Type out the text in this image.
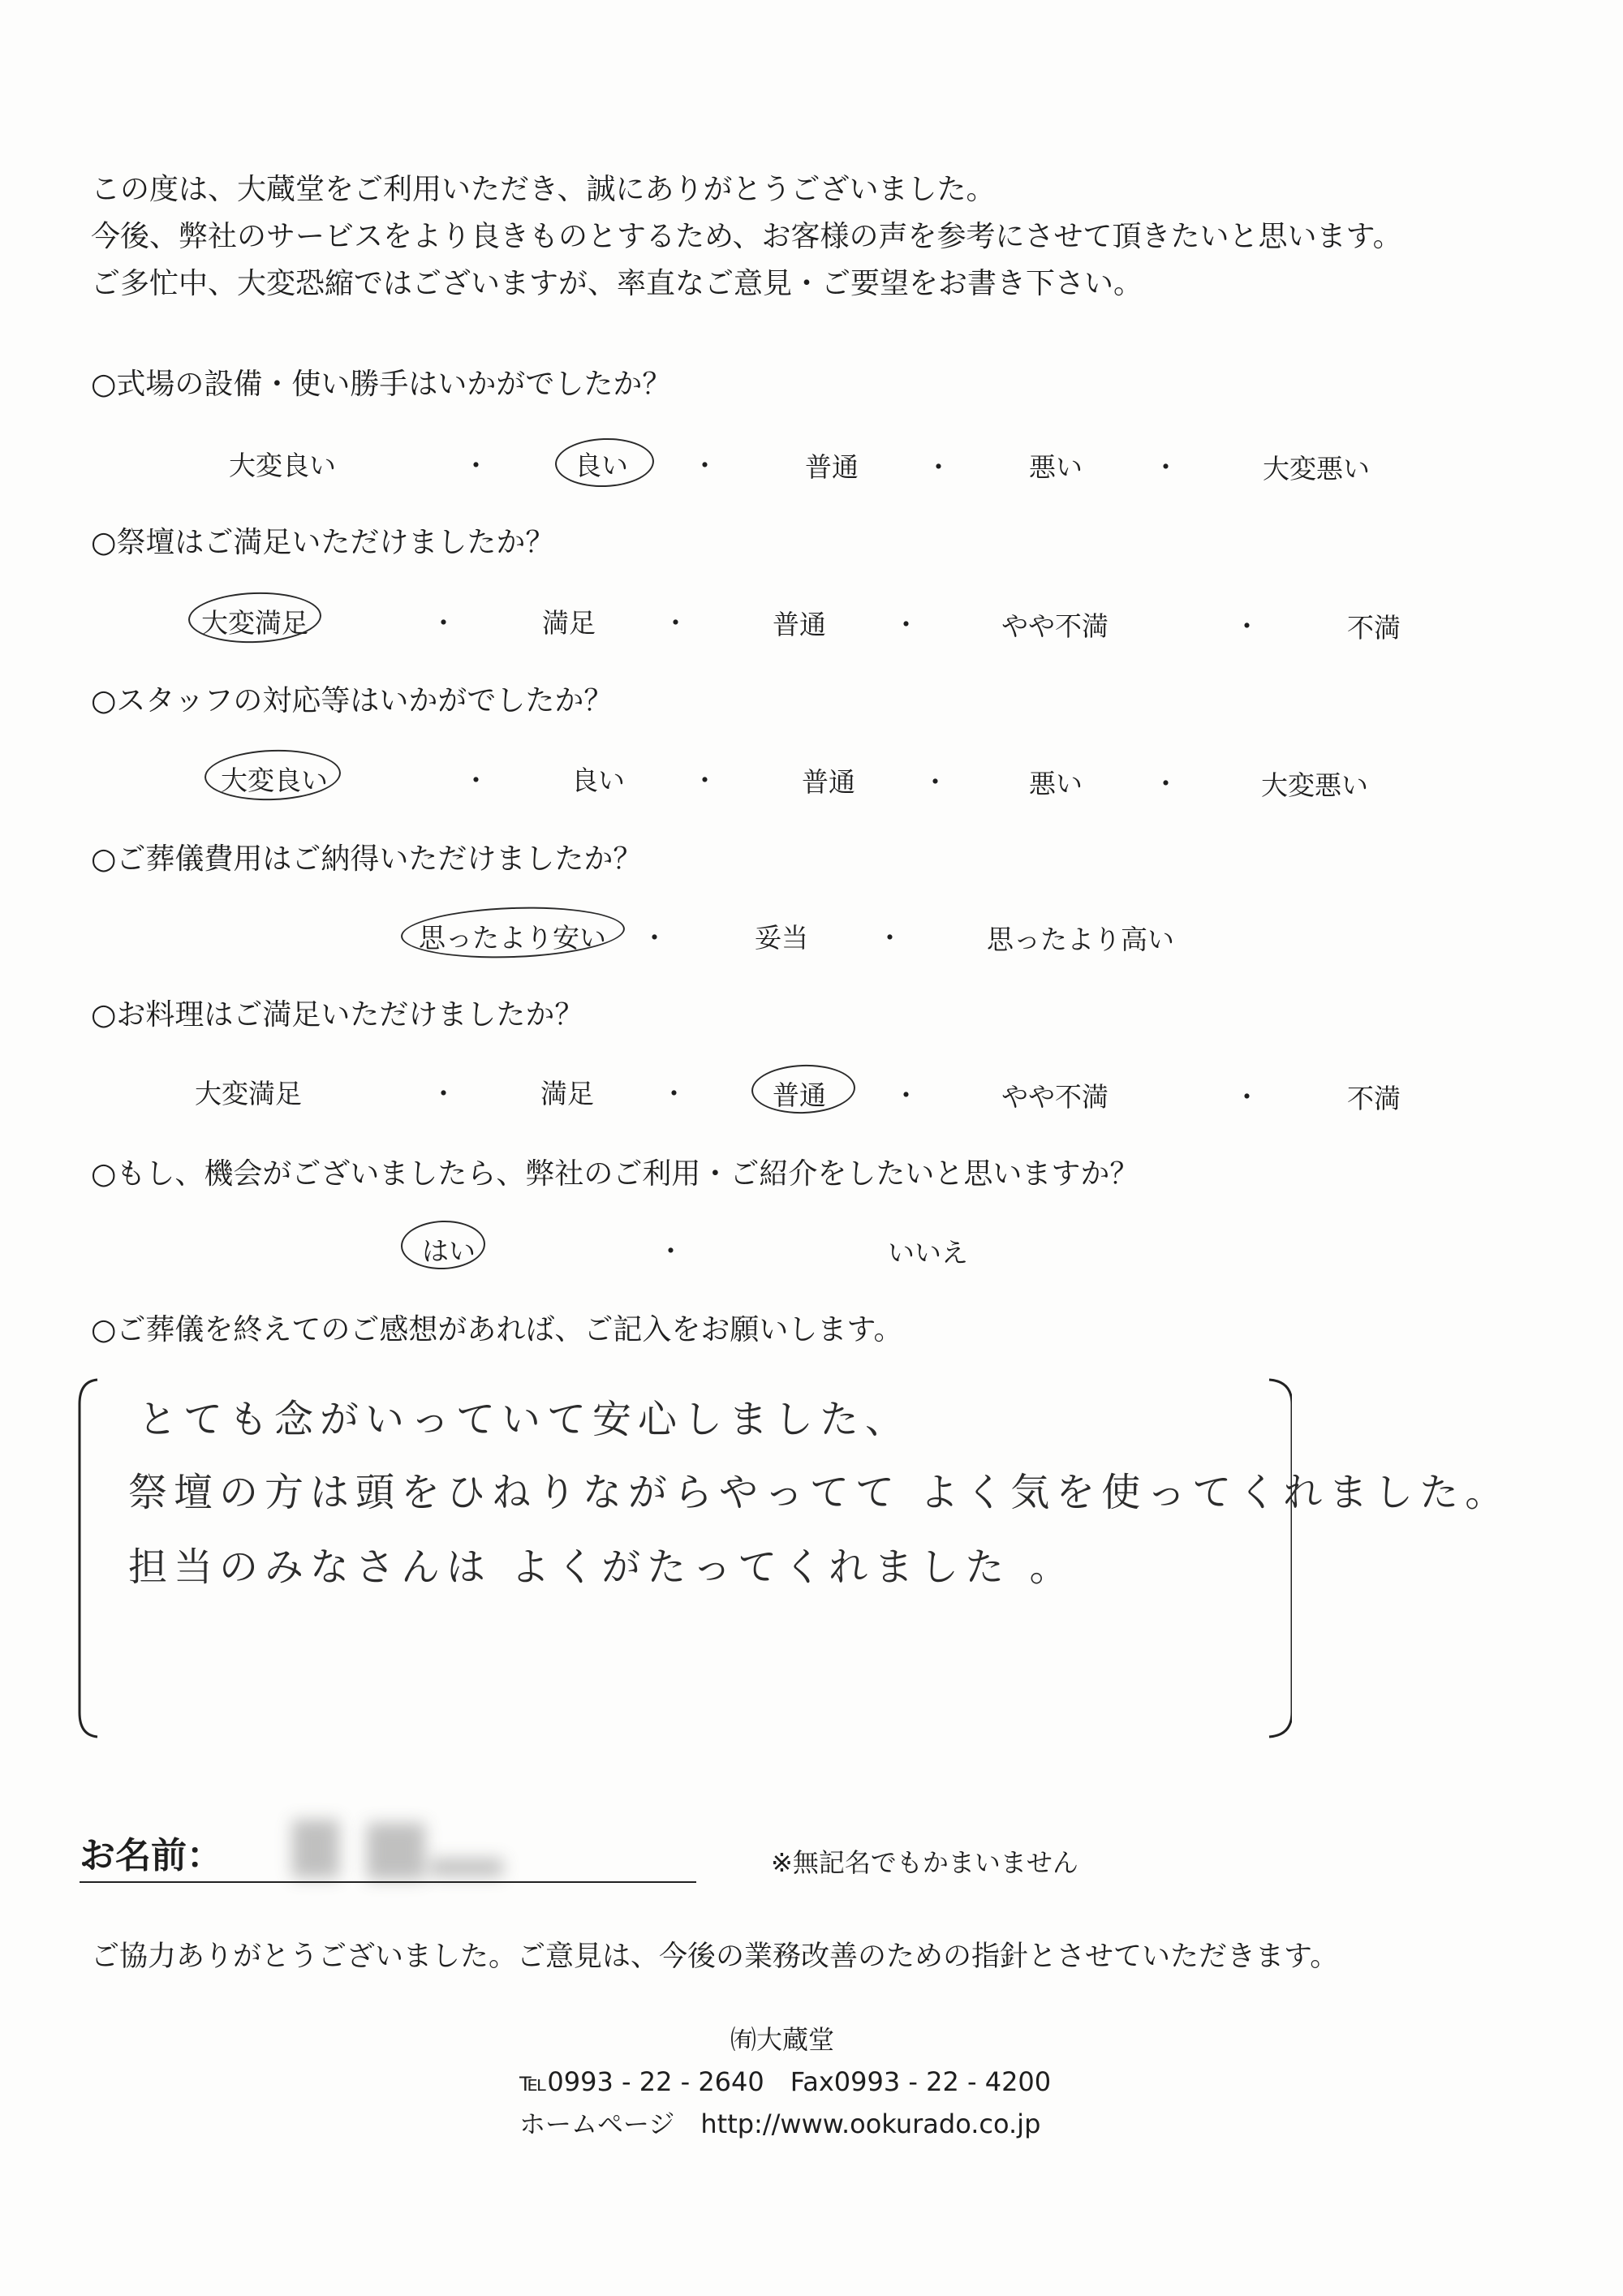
この度は、大蔵堂をご利用いただき、誠にありがとうございました。
今後、弊社のサービスをより良きものとするため、お客様の声を参考にさせて頂きたいと思います。
ご多忙中、大変恐縮ではございますが、率直なご意見・ご要望をお書き下さい。
○式場の設備・使い勝手はいかがでしたか？
大変良い	・	良い ・	普通 ・	悪い	・	大変悪い
○祭壇はご満足いただけましたか？
大変満足	・	満足 ・	普通 ・	やや不満	・	不満
○スタッフの対応等はいかがでしたか？
大変良い	・	良い ・	普通 ・	悪い	・	大変悪い
○ご葬儀費用はご納得いただけましたか？
思ったより安い ・	妥当	・	思ったより高い
○お料理はご満足いただけましたか？
大変満足	・	満足 ・	普通 ・	やや不満	・	不満
○もし、機会がございましたら、弊社のご利用・ご紹介をしたいと思いますか？
はい	・	いいえ
○ご葬儀を終えてのご感想があれば、ご記入をお願いします。
とても念がいっていて安心しました、
祭壇の方は頭をひねりながらやってて よく気を使ってくれました。
担当のみなさんは よくがたってくれました 。
お名前：	※無記名でもかまいません
ご協力ありがとうございました。ご意見は、今後の業務改善のための指針とさせていただきます。
㈲大蔵堂
℡0993 - 22 - 2640　Fax0993 - 22 - 4200
ホームページ　http://www.ookurado.co.jp
